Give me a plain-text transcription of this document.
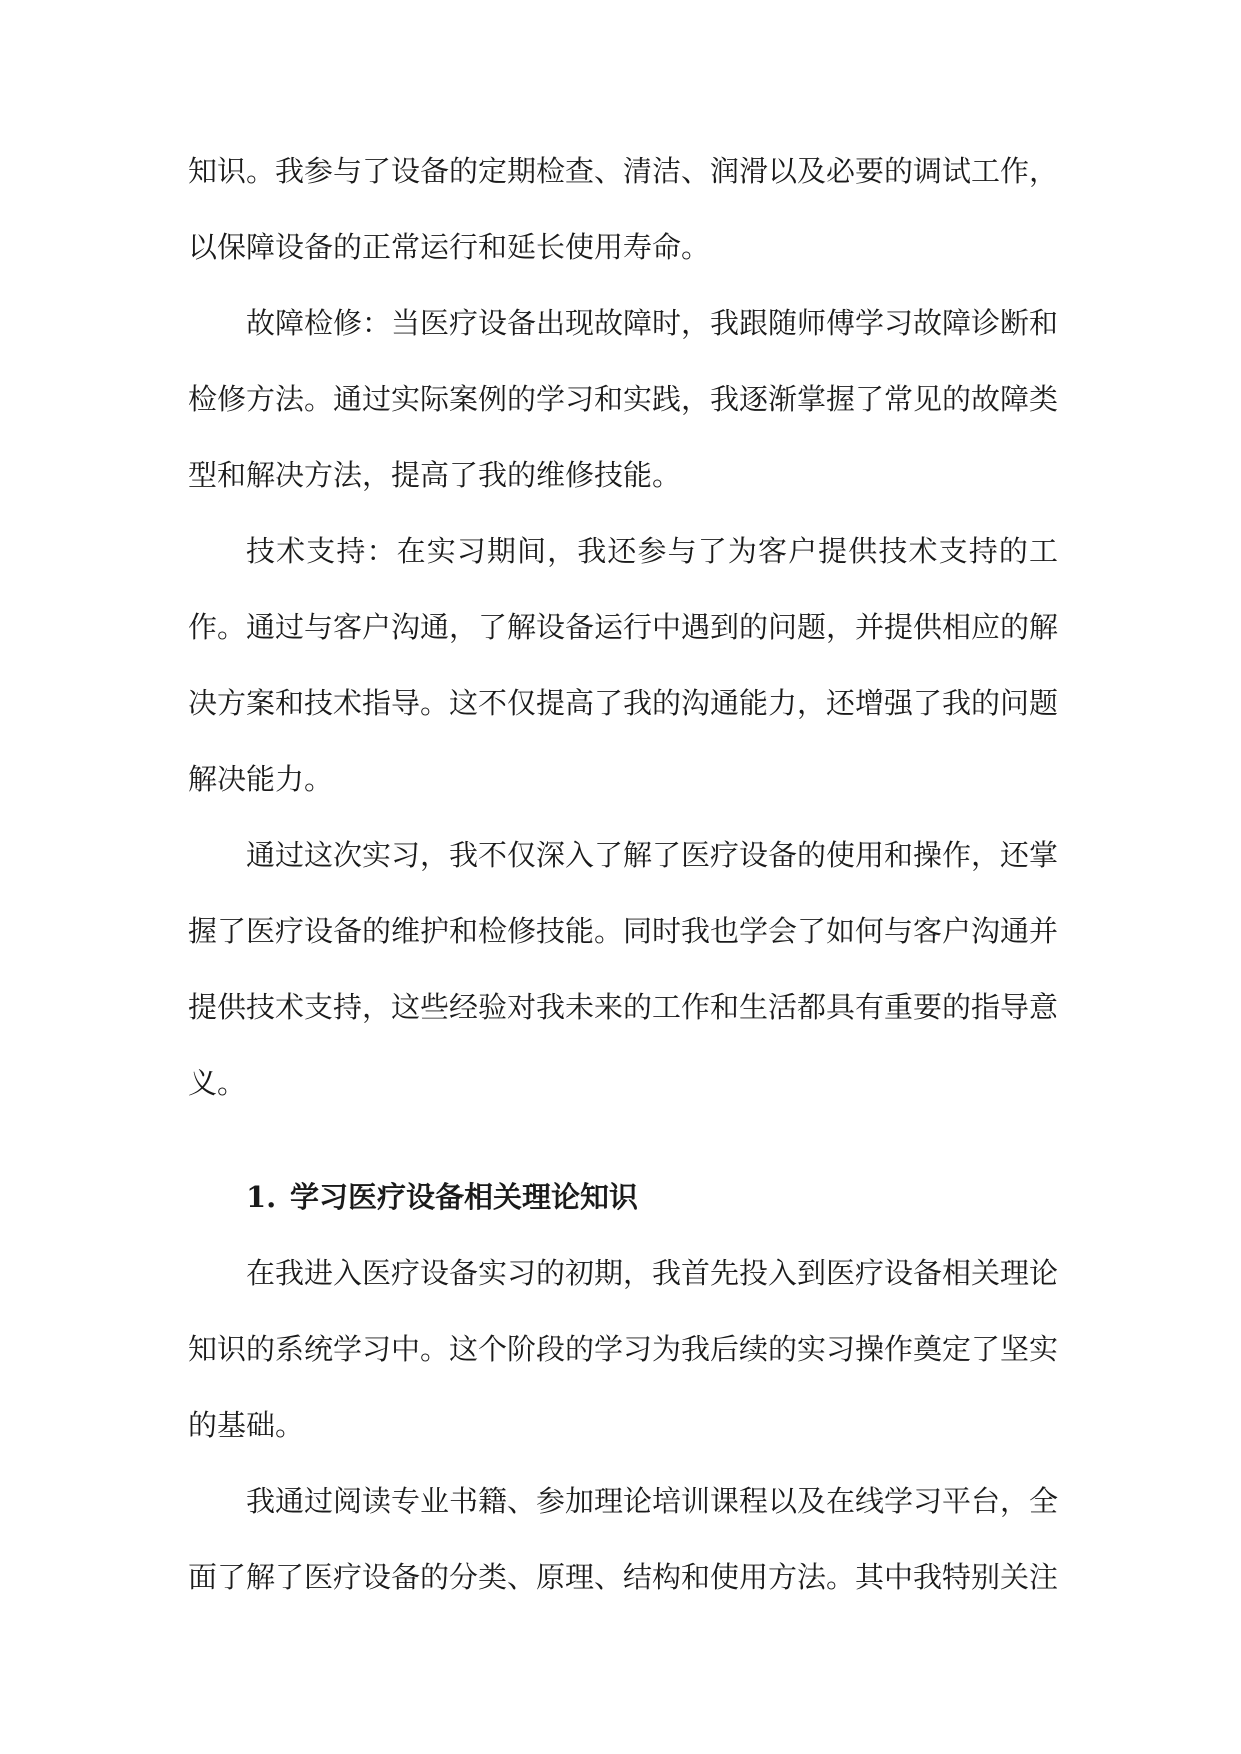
知识。我参与了设备的定期检查、清洁、润滑以及必要的调试工作，以保障设备的正常运行和延长使用寿命。

故障检修：当医疗设备出现故障时，我跟随师傅学习故障诊断和检修方法。通过实际案例的学习和实践，我逐渐掌握了常见的故障类型和解决方法，提高了我的维修技能。

技术支持：在实习期间，我还参与了为客户提供技术支持的工作。通过与客户沟通，了解设备运行中遇到的问题，并提供相应的解决方案和技术指导。这不仅提高了我的沟通能力，还增强了我的问题解决能力。

通过这次实习，我不仅深入了解了医疗设备的使用和操作，还掌握了医疗设备的维护和检修技能。同时我也学会了如何与客户沟通并提供技术支持，这些经验对我未来的工作和生活都具有重要的指导意义。

1. 学习医疗设备相关理论知识

在我进入医疗设备实习的初期，我首先投入到医疗设备相关理论知识的系统学习中。这个阶段的学习为我后续的实习操作奠定了坚实的基础。

我通过阅读专业书籍、参加理论培训课程以及在线学习平台，全面了解了医疗设备的分类、原理、结构和使用方法。其中我特别关注
